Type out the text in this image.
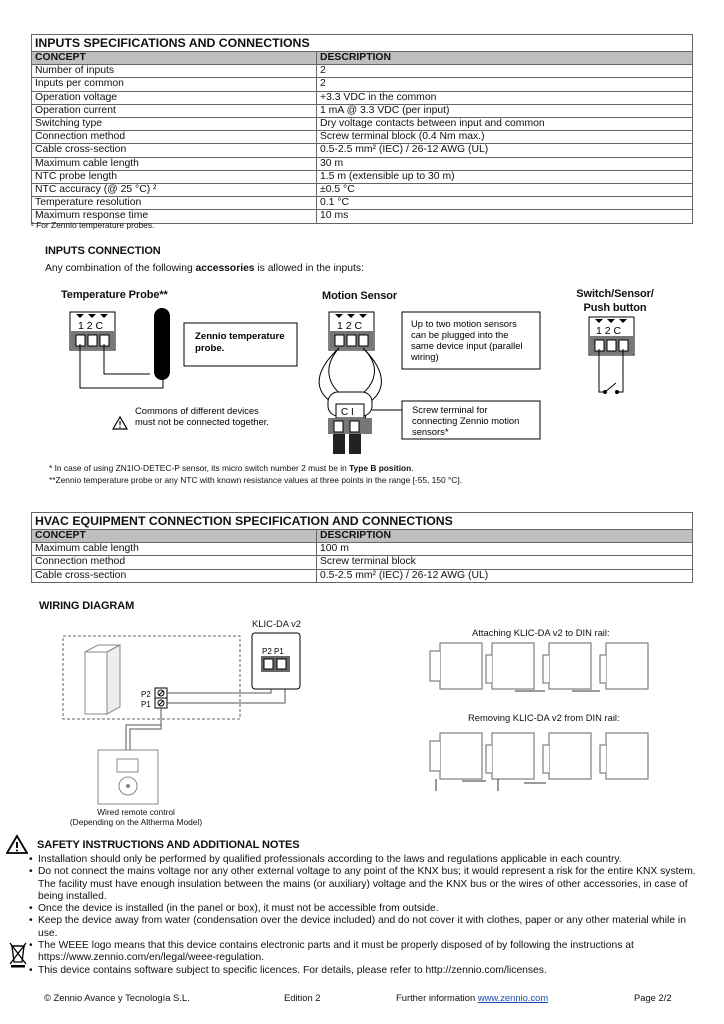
INPUTS SPECIFICATIONS AND CONNECTIONS	
CONCEPT	DESCRIPTION
Number of inputs	2
Inputs per common	2
Operation voltage	+3.3 VDC in the common
Operation current	1 mA @ 3.3 VDC (per input)
Switching type	Dry voltage contacts between input and common
Connection method	Screw terminal block (0.4 Nm max.)
Cable cross-section	0.5-2.5 mm² (IEC) / 26-12 AWG (UL)
Maximum cable length	30 m
NTC probe length	1.5 m (extensible up to 30 m)
NTC accuracy (@ 25 °C) ²	±0.5 °C
Temperature resolution	0.1 °C
Maximum response time	10 ms
² For Zennio temperature probes.
INPUTS CONNECTION
Any combination of the following accessories is allowed in the inputs:
Temperature Probe**	Motion Sensor	Switch/Sensor/
Push button
1 2 C
Zennio temperature
probe.
1 2 C
C I
Up to two motion sensors
can be plugged into the
same device input (parallel
wiring)
Screw terminal for
connecting Zennio motion
sensors*
Commons of different devices
must not be connected together.
1 2 C
* In case of using ZN1IO-DETEC-P sensor, its micro switch number 2 must be in Type B position.
**Zennio temperature probe or any NTC with known resistance values at three points in the range [-55, 150 °C].
HVAC EQUIPMENT CONNECTION SPECIFICATION AND CONNECTIONS	
CONCEPT	DESCRIPTION
Maximum cable length	100 m
Connection method	Screw terminal block
Cable cross-section	0.5-2.5 mm² (IEC) / 26-12 AWG (UL)
WIRING DIAGRAM
KLIC-DA v2
P2
P1
P2 P1
Attaching KLIC-DA v2 to DIN rail:
Removing KLIC-DA v2 from DIN rail:
Wired remote control
(Depending on the Altherma Model)
SAFETY INSTRUCTIONS AND ADDITIONAL NOTES
• Installation should only be performed by qualified professionals according to the laws and regulations applicable in each country.
• Do not connect the mains voltage nor any other external voltage to any point of the KNX bus; it would represent a risk for the entire KNX system. The facility must have enough insulation between the mains (or auxiliary) voltage and the KNX bus or the wires of other accessories, in case of being installed.
• Once the device is installed (in the panel or box), it must not be accessible from outside.
• Keep the device away from water (condensation over the device included) and do not cover it with clothes, paper or any other material while in use.
• The WEEE logo means that this device contains electronic parts and it must be properly disposed of by following the instructions at https://www.zennio.com/en/legal/weee-regulation.
• This device contains software subject to specific licences. For details, please refer to http://zennio.com/licenses.
© Zennio Avance y Tecnología S.L.	Edition 2	Further information www.zennio.com	Page 2/2
